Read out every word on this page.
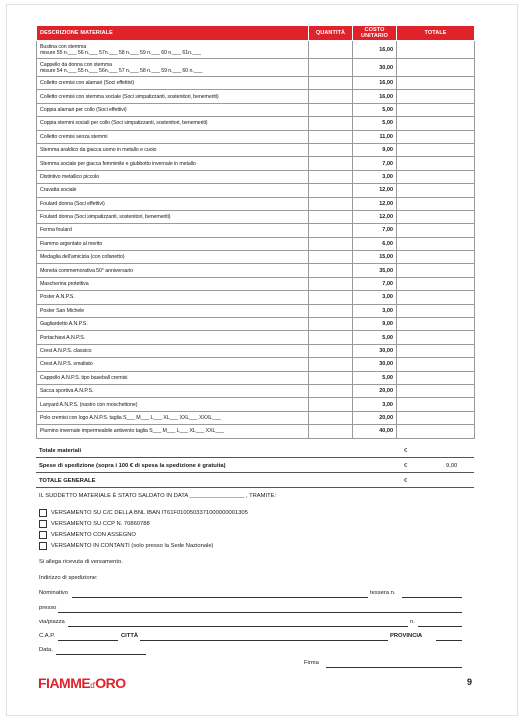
DESCRIZIONE MATERIALE	QUANTITÀ	COSTO UNITARIO	TOTALE

Bustina con stemma
misure 55 n.___ 56 n.___ 57n.___ 58 n.___ 59 n.___ 60 n.___ 61n.___		16,00	

Cappello da donna con stemma
misure 54 n.___ 55 n.___ 56n.___ 57 n.___ 58 n.___ 59 n.___ 60 n.___		30,00	
Colletto cremisi con alamari (Soci effettivi)		16,00	
Colletto cremisi con stemma sociale (Soci simpatizzanti, sostenitori, benemeriti)		16,00	
Coppia alamari per collo (Soci effettivi)		5,00	
Coppia stemmi sociali per collo (Soci simpatizzanti, sostenitori, benemeriti)		5,00	
Colletto cremisi senza stemmi		11,00	
Stemma araldico da giacca uomo in metallo e cuoio		9,00	
Stemma sociale per giacca femminile e giubbotto invernale in metallo		7,00	
Distintivo metallico piccolo		3,00	
Cravatta sociale		12,00	
Foulard donna (Soci effettivi)		12,00	
Foulard donna (Soci simpatizzanti, sostenitori, benemeriti)		12,00	
Ferma foulard		7,00	
Fiammo argentato al merito		6,00	
Medaglia dell'amicizia (con cofanetto)		15,00	
Moneta commemorativa 50° anniversario		35,00	
Mascherina protettiva		7,00	
Poster A.N.P.S.		3,00	
Poster San Michele		3,00	
Gagliardetto A.N.P.S.		9,00	
Portachiavi A.N.P.S.		5,00	
Crest A.N.P.S. classico		30,00	
Crest A.N.P.S. smaltato		30,00	
Cappello A.N.P.S. tipo baseball cremisi		5,00	
Sacca sportiva A.N.P.S.		20,00	
Lanyard A.N.P.S. (nastro con moschettone)		3,00	
Polo cremisi con logo A.N.P.S. taglia S___ M___ L___ XL___ XXL___ XXXL___		20,00	
Piumino invernale impermeabile antivento taglia S___ M___ L___ XL___ XXL___		40,00	
Totale materiali	€
Spese di spedizione (sopra i 100 € di spesa la spedizione è gratuita)	€	9,00
TOTALE GENERALE	€
IL SUDDETTO MATERIALE È STATO SALDATO IN DATA _________________ , TRAMITE:
VERSAMENTO SU C/C DELLA BNL IBAN IT61F0100503371000000001305
VERSAMENTO SU CCP N. 70860788
VERSAMENTO CON ASSEGNO
VERSAMENTO IN CONTANTI (solo presso la Sede Nazionale)
Si allega ricevuta di versamento.
Indirizzo di spedizione:
Nominativo	tessera n.
presso
via/piazza	n.
C.A.P.	CITTÀ	PROVINCIA
Data,
Firma
FIAMMEd'ORO	9
